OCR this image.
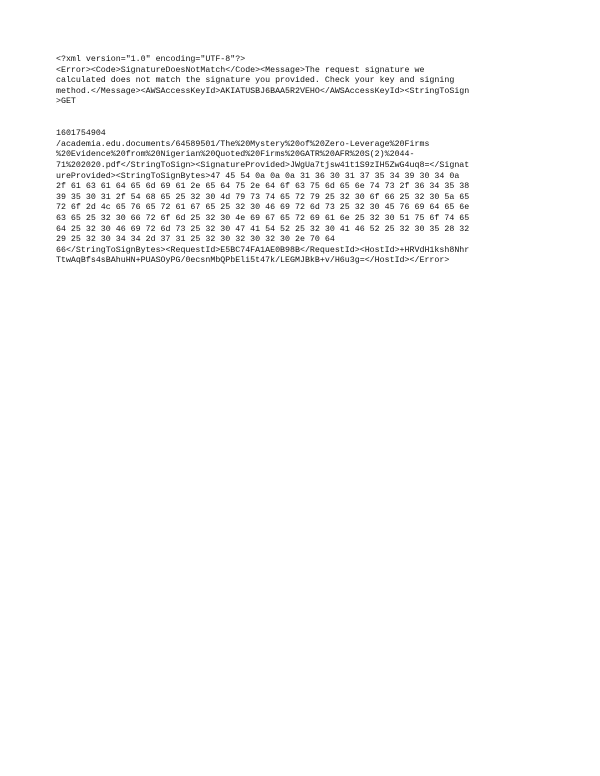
<?xml version="1.0" encoding="UTF-8"?>
<Error><Code>SignatureDoesNotMatch</Code><Message>The request signature we
calculated does not match the signature you provided. Check your key and signing
method.</Message><AWSAccessKeyId>AKIATUSBJ6BAA5R2VEHO</AWSAccessKeyId><StringToSign
>GET
1601754904
/academia.edu.documents/64589501/The%20Mystery%20of%20Zero-Leverage%20Firms
%20Evidence%20from%20Nigerian%20Quoted%20Firms%20GATR%20AFR%20S(2)%2044-
71%202020.pdf</StringToSign><SignatureProvided>JWgUa7tjsw41t1S9zIH5ZwG4uq8=</Signat
ureProvided><StringToSignBytes>47 45 54 0a 0a 0a 31 36 30 31 37 35 34 39 30 34 0a
2f 61 63 61 64 65 6d 69 61 2e 65 64 75 2e 64 6f 63 75 6d 65 6e 74 73 2f 36 34 35 38
39 35 30 31 2f 54 68 65 25 32 30 4d 79 73 74 65 72 79 25 32 30 6f 66 25 32 30 5a 65
72 6f 2d 4c 65 76 65 72 61 67 65 25 32 30 46 69 72 6d 73 25 32 30 45 76 69 64 65 6e
63 65 25 32 30 66 72 6f 6d 25 32 30 4e 69 67 65 72 69 61 6e 25 32 30 51 75 6f 74 65
64 25 32 30 46 69 72 6d 73 25 32 30 47 41 54 52 25 32 30 41 46 52 25 32 30 35 28 32
29 25 32 30 34 34 2d 37 31 25 32 30 32 30 32 30 2e 70 64
66</StringToSignBytes><RequestId>E5BC74FA1AE0B98B</RequestId><HostId>+HRVdH1ksh8Nhr
TtwAqBfs4sBAhuHN+PUASOyPG/0ecsnMbQPbEli5t47k/LEGMJBkB+v/H6u3g=</HostId></Error>
